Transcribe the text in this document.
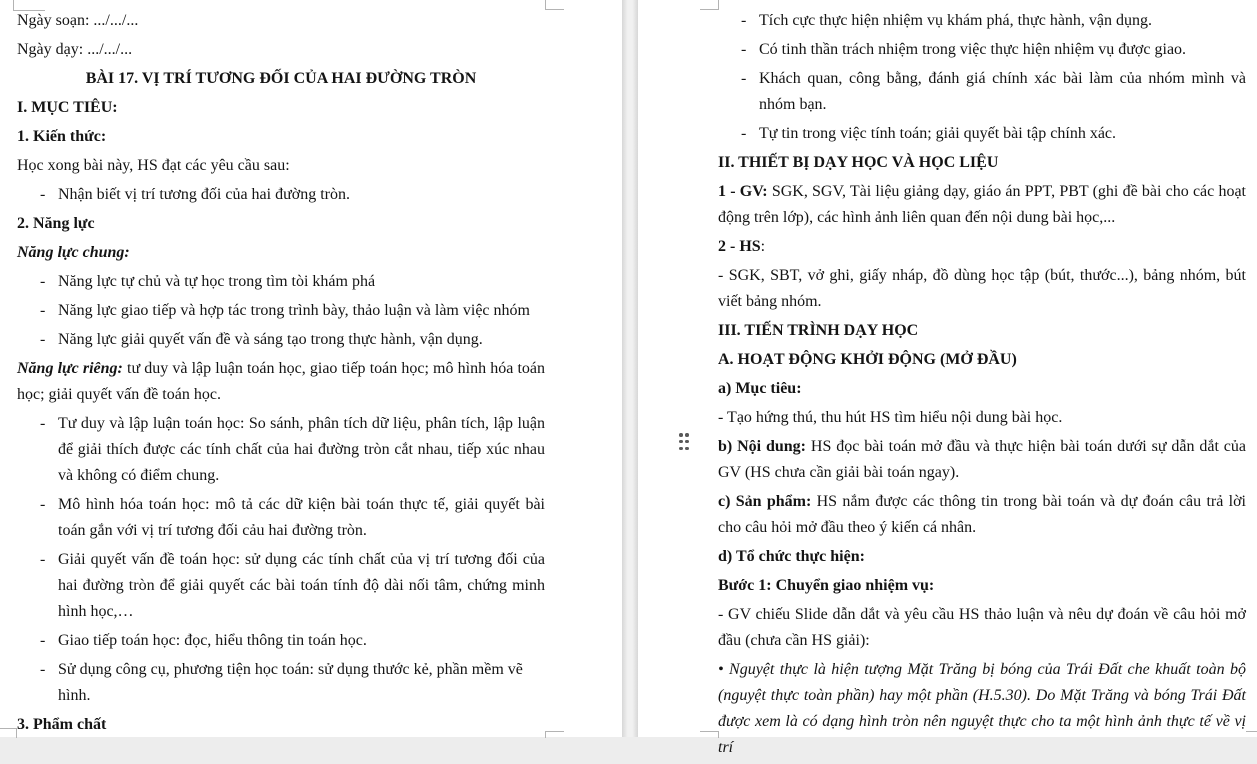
Ngày soạn: .../.../...

Ngày dạy: .../.../...

BÀI 17. VỊ TRÍ TƯƠNG ĐỐI CỦA HAI ĐƯỜNG TRÒN

I. MỤC TIÊU:

1. Kiến thức:

Học xong bài này, HS đạt các yêu cầu sau:

- Nhận biết vị trí tương đối của hai đường tròn.

2. Năng lực

Năng lực chung:

- Năng lực tự chủ và tự học trong tìm tòi khám phá

- Năng lực giao tiếp và hợp tác trong trình bày, thảo luận và làm việc nhóm

- Năng lực giải quyết vấn đề và sáng tạo trong thực hành, vận dụng.

Năng lực riêng: tư duy và lập luận toán học, giao tiếp toán học; mô hình hóa toán học; giải quyết vấn đề toán học.

- Tư duy và lập luận toán học: So sánh, phân tích dữ liệu, phân tích, lập luận để giải thích được các tính chất của hai đường tròn cắt nhau, tiếp xúc nhau và không có điểm chung.

- Mô hình hóa toán học: mô tả các dữ kiện bài toán thực tế, giải quyết bài toán gắn với vị trí tương đối cảu hai đường tròn.

- Giải quyết vấn đề toán học: sử dụng các tính chất của vị trí tương đối của hai đường tròn để giải quyết các bài toán tính độ dài nối tâm, chứng minh hình học,…

- Giao tiếp toán học: đọc, hiểu thông tin toán học.

- Sử dụng công cụ, phương tiện học toán: sử dụng thước kẻ, phần mềm vẽ hình.

3. Phẩm chất

- Tích cực thực hiện nhiệm vụ khám phá, thực hành, vận dụng.

- Có tinh thần trách nhiệm trong việc thực hiện nhiệm vụ được giao.

- Khách quan, công bằng, đánh giá chính xác bài làm của nhóm mình và nhóm bạn.

- Tự tin trong việc tính toán; giải quyết bài tập chính xác.

II. THIẾT BỊ DẠY HỌC VÀ HỌC LIỆU

1 - GV: SGK, SGV, Tài liệu giảng dạy, giáo án PPT, PBT (ghi đề bài cho các hoạt động trên lớp), các hình ảnh liên quan đến nội dung bài học,...

2 - HS:

- SGK, SBT, vở ghi, giấy nháp, đồ dùng học tập (bút, thước...), bảng nhóm, bút viết bảng nhóm.

III. TIẾN TRÌNH DẠY HỌC

A. HOẠT ĐỘNG KHỞI ĐỘNG (MỞ ĐẦU)

a) Mục tiêu:

- Tạo hứng thú, thu hút HS tìm hiểu nội dung bài học.

b) Nội dung: HS đọc bài toán mở đầu và thực hiện bài toán dưới sự dẫn dắt của GV (HS chưa cần giải bài toán ngay).

c) Sản phẩm: HS nắm được các thông tin trong bài toán và dự đoán câu trả lời cho câu hỏi mở đầu theo ý kiến cá nhân.

d) Tổ chức thực hiện:

Bước 1: Chuyển giao nhiệm vụ:

- GV chiếu Slide dẫn dắt và yêu cầu HS thảo luận và nêu dự đoán về câu hỏi mở đầu (chưa cần HS giải):

• Nguyệt thực là hiện tượng Mặt Trăng bị bóng của Trái Đất che khuất toàn bộ (nguyệt thực toàn phần) hay một phần (H.5.30). Do Mặt Trăng và bóng Trái Đất được xem là có dạng hình tròn nên nguyệt thực cho ta một hình ảnh thực tế về vị trí
